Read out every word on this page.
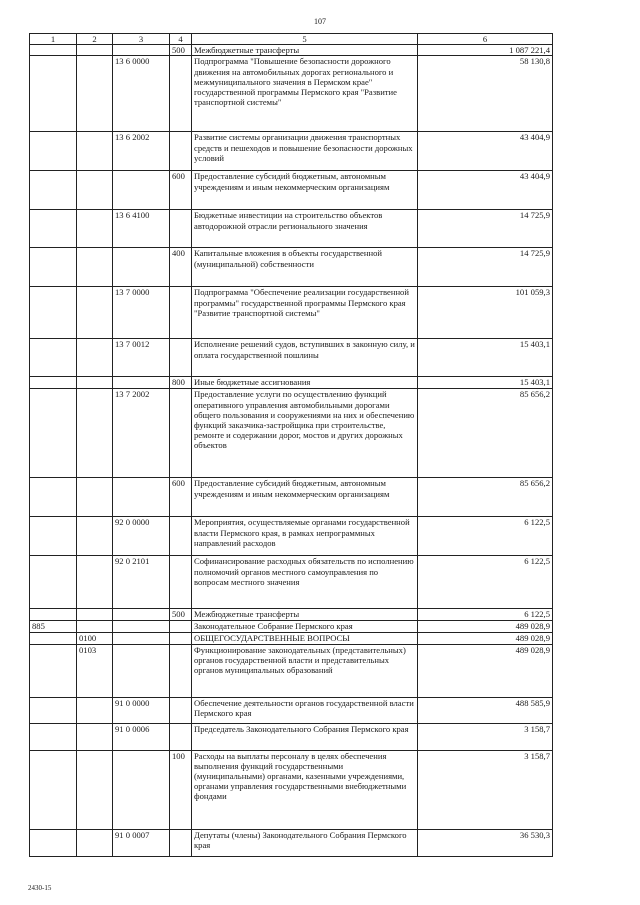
107
1	2	3	4	5	6
			500	Межбюджетные трансферты	1 087 221,4
		13 6 0000		Подпрограмма "Повышение безопасности дорожного движения на автомобильных дорогах регионального и межмуниципального значения в Пермском крае" государственной программы Пермского края "Развитие транспортной системы"	58 130,8
		13 6 2002		Развитие системы организации движения транспортных средств и пешеходов и повышение безопасности дорожных условий	43 404,9
			600	Предоставление субсидий бюджетным, автономным учреждениям и иным некоммерческим организациям	43 404,9
		13 6 4100		Бюджетные инвестиции на строительство объектов автодорожной отрасли регионального значения	14 725,9
			400	Капитальные вложения в объекты государственной (муниципальной) собственности	14 725,9
		13 7 0000		Подпрограмма "Обеспечение реализации государственной программы" государственной программы Пермского края "Развитие транспортной системы"	101 059,3
		13 7 0012		Исполнение решений судов, вступивших в законную силу, и оплата государственной пошлины	15 403,1
			800	Иные бюджетные ассигнования	15 403,1
		13 7 2002		Предоставление услуги по осуществлению функций оперативного управления автомобильными дорогами общего пользования и сооружениями на них и обеспечению функций заказчика-застройщика при строительстве, ремонте и содержании дорог, мостов и других дорожных объектов	85 656,2
			600	Предоставление субсидий бюджетным, автономным учреждениям и иным некоммерческим организациям	85 656,2
		92 0 0000		Мероприятия, осуществляемые органами государственной власти Пермского края, в рамках непрограммных направлений расходов	6 122,5
		92 0 2101		Софинансирование расходных обязательств по исполнению полномочий органов местного самоуправления по вопросам местного значения	6 122,5
			500	Межбюджетные трансферты	6 122,5
885				Законодательное Собрание Пермского края	489 028,9
	0100			ОБЩЕГОСУДАРСТВЕННЫЕ ВОПРОСЫ	489 028,9
	0103			Функционирование законодательных (представительных) органов государственной власти и представительных органов муниципальных образований	489 028,9
		91 0 0000		Обеспечение деятельности органов государственной власти Пермского края	488 585,9
		91 0 0006		Председатель Законодательного Собрания Пермского края	3 158,7
			100	Расходы на выплаты персоналу в целях обеспечения выполнения функций государственными (муниципальными) органами, казенными учреждениями, органами управления государственными внебюджетными фондами	3 158,7
		91 0 0007		Депутаты (члены) Законодательного Собрания Пермского края	36 530,3
2430-15
